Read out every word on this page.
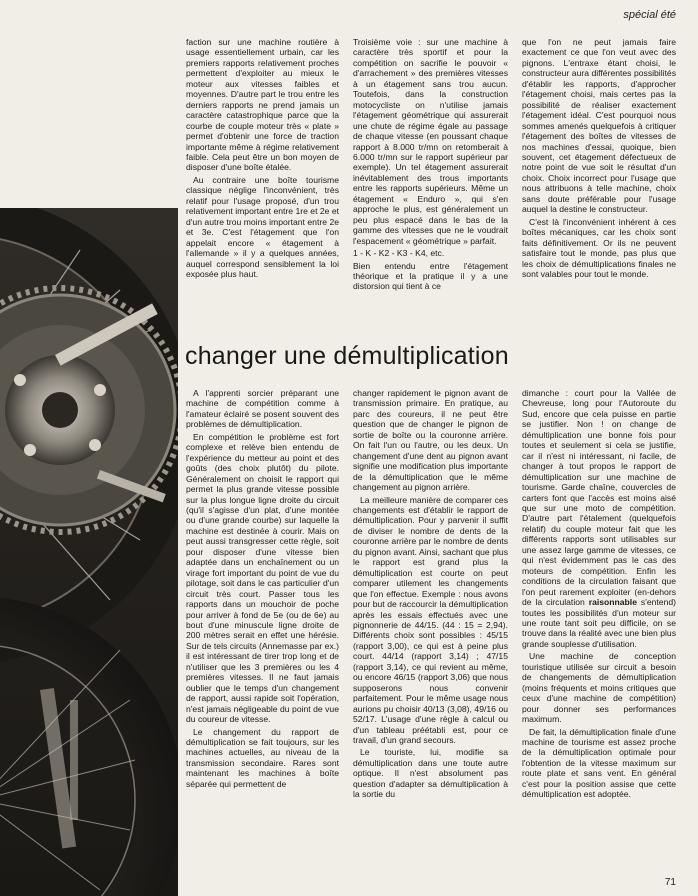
spécial été

faction sur une machine routière à usage essentiellement urbain, car les premiers rapports relativement proches permettent d'exploiter au mieux le moteur aux vitesses faibles et moyennes. D'autre part le trou entre les derniers rapports ne prend jamais un caractère catastrophique parce que la courbe de couple moteur très « plate » permet d'obtenir une force de traction importante même à régime relativement faible. Cela peut être un bon moyen de disposer d'une boîte étalée.

Au contraire une boîte tourisme classique néglige l'inconvénient, très relatif pour l'usage proposé, d'un trou relativement important entre 1re et 2e et d'un autre trou moins important entre 2e et 3e. C'est l'étagement que l'on appelait encore « étagement à l'allemande » il y a quelques années, auquel correspond sensiblement la loi exposée plus haut.

Troisième voie : sur une machine à caractère très sportif et pour la compétition on sacrifie le pouvoir « d'arrachement » des premières vitesses à un étagement sans trou aucun. Toutefois, dans la construction motocycliste on n'utilise jamais l'étagement géométrique qui assurerait une chute de régime égale au passage de chaque vitesse (en poussant chaque rapport à 8.000 tr/mn on retomberait à 6.000 tr/mn sur le rapport supérieur par exemple). Un tel étagement assurerait inévitablement des trous importants entre les rapports supérieurs. Même un étagement « Enduro », qui s'en approche le plus, est généralement un peu plus espacé dans le bas de la gamme des vitesses que ne le voudrait l'espacement « géométrique » parfait.

1 - K - K2 - K3 - K4, etc.

Bien entendu entre l'étagement théorique et la pratique il y a une distorsion qui tient à ce

que l'on ne peut jamais faire exactement ce que l'on veut avec des pignons. L'entraxe étant choisi, le constructeur aura différentes possibilités d'établir les rapports, d'approcher l'étagement choisi, mais certes pas la possibilité de réaliser exactement l'étagement idéal. C'est pourquoi nous sommes amenés quelquefois à critiquer l'étagement des boîtes de vitesses de nos machines d'essai, quoique, bien souvent, cet étagement défectueux de notre point de vue soit le résultat d'un choix. Choix incorrect pour l'usage que nous attribuons à telle machine, choix sans doute préférable pour l'usage auquel la destine le constructeur.

C'est là l'inconvénient inhérent à ces boîtes mécaniques, car les choix sont faits définitivement. Or ils ne peuvent satisfaire tout le monde, pas plus que les choix de démultiplications finales ne sont valables pour tout le monde.

changer une démultiplication

A l'apprenti sorcier préparant une machine de compétition comme à l'amateur éclairé se posent souvent des problèmes de démultiplication.

En compétition le problème est fort complexe et relève bien entendu de l'expérience du metteur au point et des goûts (des choix plutôt) du pilote. Généralement on choisit le rapport qui permet la plus grande vitesse possible sur la plus longue ligne droite du circuit (qu'il s'agisse d'un plat, d'une montée ou d'une grande courbe) sur laquelle la machine est destinée à courir. Mais on peut aussi transgresser cette règle, soit pour disposer d'une vitesse bien adaptée dans un enchaînement ou un virage fort important du point de vue du pilotage, soit dans le cas particulier d'un circuit très court. Passer tous les rapports dans un mouchoir de poche pour arriver à fond de 5e (ou de 6e) au bout d'une minuscule ligne droite de 200 mètres serait en effet une hérésie. Sur de tels circuits (Annemasse par ex.) il est intéressant de tirer trop long et de n'utiliser que les 3 premières ou les 4 premières vitesses. Il ne faut jamais oublier que le temps d'un changement de rapport, aussi rapide soit l'opération, n'est jamais négligeable du point de vue du coureur de vitesse.

Le changement du rapport de démultiplication se fait toujours, sur les machines actuelles, au niveau de la transmission secondaire. Rares sont maintenant les machines à boîte séparée qui permettent de

changer rapidement le pignon avant de transmission primaire. En pratique, au parc des coureurs, il ne peut être question que de changer le pignon de sortie de boîte ou la couronne arrière. On fait l'un ou l'autre, ou les deux. Un changement d'une dent au pignon avant signifie une modification plus importante de la démultiplication que le même changement au pignon arrière.

La meilleure manière de comparer ces changements est d'établir le rapport de démultiplication. Pour y parvenir il suffit de diviser le nombre de dents de la couronne arrière par le nombre de dents du pignon avant. Ainsi, sachant que plus le rapport est grand plus la démultiplication est courte on peut comparer utilement les changements que l'on effectue. Exemple : nous avons pour but de raccourcir la démultiplication après les essais effectués avec une pignonnerie de 44/15. (44 : 15 = 2,94). Différents choix sont possibles : 45/15 (rapport 3,00), ce qui est à peine plus court. 44/14 (rapport 3,14) ; 47/15 (rapport 3,14), ce qui revient au même, ou encore 46/15 (rapport 3,06) que nous supposerons nous convenir parfaitement. Pour le même usage nous aurions pu choisir 40/13 (3,08), 49/16 ou 52/17. L'usage d'une règle à calcul ou d'un tableau préétabli est, pour ce travail, d'un grand secours.

Le touriste, lui, modifie sa démultiplication dans une toute autre optique. Il n'est absolument pas question d'adapter sa démultiplication à la sortie du

dimanche : court pour la Vallée de Chevreuse, long pour l'Autoroute du Sud, encore que cela puisse en partie se justifier. Non ! on change de démultiplication une bonne fois pour toutes et seulement si cela se justifie, car il n'est ni intéressant, ni facile, de changer à tout propos le rapport de démultiplication sur une machine de tourisme. Garde chaîne, couvercles de carters font que l'accès est moins aisé que sur une moto de compétition. D'autre part l'étalement (quelquefois relatif) du couple moteur fait que les différents rapports sont utilisables sur une assez large gamme de vitesses, ce qui n'est évidemment pas le cas des moteurs de compétition. Enfin les conditions de la circulation faisant que l'on peut rarement exploiter (en-dehors de la circulation raisonnable s'entend) toutes les possibilités d'un moteur sur une route tant soit peu difficile, on se trouve dans la réalité avec une bien plus grande souplesse d'utilisation.

Une machine de conception touristique utilisée sur circuit a besoin de changements de démultiplication (moins fréquents et moins critiques que ceux d'une machine de compétition) pour donner ses performances maximum.

De fait, la démultiplication finale d'une machine de tourisme est assez proche de la démultiplication optimale pour l'obtention de la vitesse maximum sur route plate et sans vent. En général c'est pour la position assise que cette démultiplication est adoptée.

71
